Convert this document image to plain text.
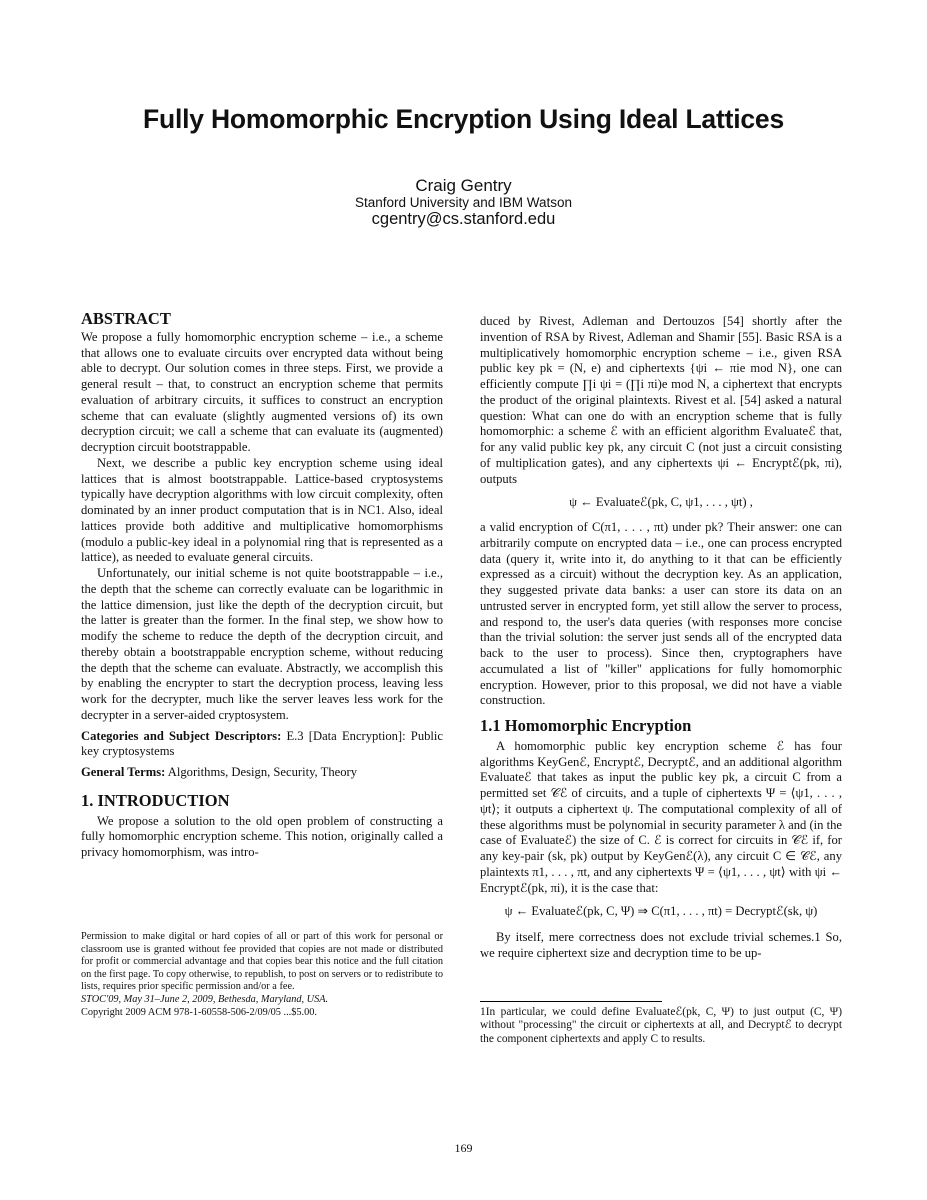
Fully Homomorphic Encryption Using Ideal Lattices
Craig Gentry
Stanford University and IBM Watson
cgentry@cs.stanford.edu
ABSTRACT

We propose a fully homomorphic encryption scheme – i.e., a scheme that allows one to evaluate circuits over encrypted data without being able to decrypt. Our solution comes in three steps. First, we provide a general result – that, to construct an encryption scheme that permits evaluation of arbitrary circuits, it suffices to construct an encryption scheme that can evaluate (slightly augmented versions of) its own decryption circuit; we call a scheme that can evaluate its (augmented) decryption circuit bootstrappable.

Next, we describe a public key encryption scheme using ideal lattices that is almost bootstrappable. Lattice-based cryptosystems typically have decryption algorithms with low circuit complexity, often dominated by an inner product computation that is in NC1. Also, ideal lattices provide both additive and multiplicative homomorphisms (modulo a public-key ideal in a polynomial ring that is represented as a lattice), as needed to evaluate general circuits.

Unfortunately, our initial scheme is not quite bootstrappable – i.e., the depth that the scheme can correctly evaluate can be logarithmic in the lattice dimension, just like the depth of the decryption circuit, but the latter is greater than the former. In the final step, we show how to modify the scheme to reduce the depth of the decryption circuit, and thereby obtain a bootstrappable encryption scheme, without reducing the depth that the scheme can evaluate. Abstractly, we accomplish this by enabling the encrypter to start the decryption process, leaving less work for the decrypter, much like the server leaves less work for the decrypter in a server-aided cryptosystem.

Categories and Subject Descriptors: E.3 [Data Encryption]: Public key cryptosystems

General Terms: Algorithms, Design, Security, Theory

1. INTRODUCTION

We propose a solution to the old open problem of constructing a fully homomorphic encryption scheme. This notion, originally called a privacy homomorphism, was intro-

Permission to make digital or hard copies of all or part of this work for personal or classroom use is granted without fee provided that copies are not made or distributed for profit or commercial advantage and that copies bear this notice and the full citation on the first page. To copy otherwise, to republish, to post on servers or to redistribute to lists, requires prior specific permission and/or a fee.
STOC'09, May 31–June 2, 2009, Bethesda, Maryland, USA.
Copyright 2009 ACM 978-1-60558-506-2/09/05 ...$5.00.

duced by Rivest, Adleman and Dertouzos [54] shortly after the invention of RSA by Rivest, Adleman and Shamir [55]. Basic RSA is a multiplicatively homomorphic encryption scheme – i.e., given RSA public key pk = (N, e) and ciphertexts {ψi ← πie mod N}, one can efficiently compute ∏i ψi = (∏i πi)e mod N, a ciphertext that encrypts the product of the original plaintexts. Rivest et al. [54] asked a natural question: What can one do with an encryption scheme that is fully homomorphic: a scheme ℰ with an efficient algorithm Evaluateℰ that, for any valid public key pk, any circuit C (not just a circuit consisting of multiplication gates), and any ciphertexts ψi ← Encryptℰ(pk, πi), outputs

ψ ← Evaluateℰ(pk, C, ψ1, . . . , ψt) ,

a valid encryption of C(π1, . . . , πt) under pk? Their answer: one can arbitrarily compute on encrypted data – i.e., one can process encrypted data (query it, write into it, do anything to it that can be efficiently expressed as a circuit) without the decryption key. As an application, they suggested private data banks: a user can store its data on an untrusted server in encrypted form, yet still allow the server to process, and respond to, the user's data queries (with responses more concise than the trivial solution: the server just sends all of the encrypted data back to the user to process). Since then, cryptographers have accumulated a list of "killer" applications for fully homomorphic encryption. However, prior to this proposal, we did not have a viable construction.

1.1 Homomorphic Encryption

A homomorphic public key encryption scheme ℰ has four algorithms KeyGenℰ, Encryptℰ, Decryptℰ, and an additional algorithm Evaluateℰ that takes as input the public key pk, a circuit C from a permitted set 𝒞ℰ of circuits, and a tuple of ciphertexts Ψ = ⟨ψ1, . . . , ψt⟩; it outputs a ciphertext ψ. The computational complexity of all of these algorithms must be polynomial in security parameter λ and (in the case of Evaluateℰ) the size of C. ℰ is correct for circuits in 𝒞ℰ if, for any key-pair (sk, pk) output by KeyGenℰ(λ), any circuit C ∈ 𝒞ℰ, any plaintexts π1, . . . , πt, and any ciphertexts Ψ = ⟨ψ1, . . . , ψt⟩ with ψi ← Encryptℰ(pk, πi), it is the case that:

ψ ← Evaluateℰ(pk, C, Ψ) ⇒ C(π1, . . . , πt) = Decryptℰ(sk, ψ)

By itself, mere correctness does not exclude trivial schemes.1 So, we require ciphertext size and decryption time to be up-

1In particular, we could define Evaluateℰ(pk, C, Ψ) to just output (C, Ψ) without "processing" the circuit or ciphertexts at all, and Decryptℰ to decrypt the component ciphertexts and apply C to results.
169
